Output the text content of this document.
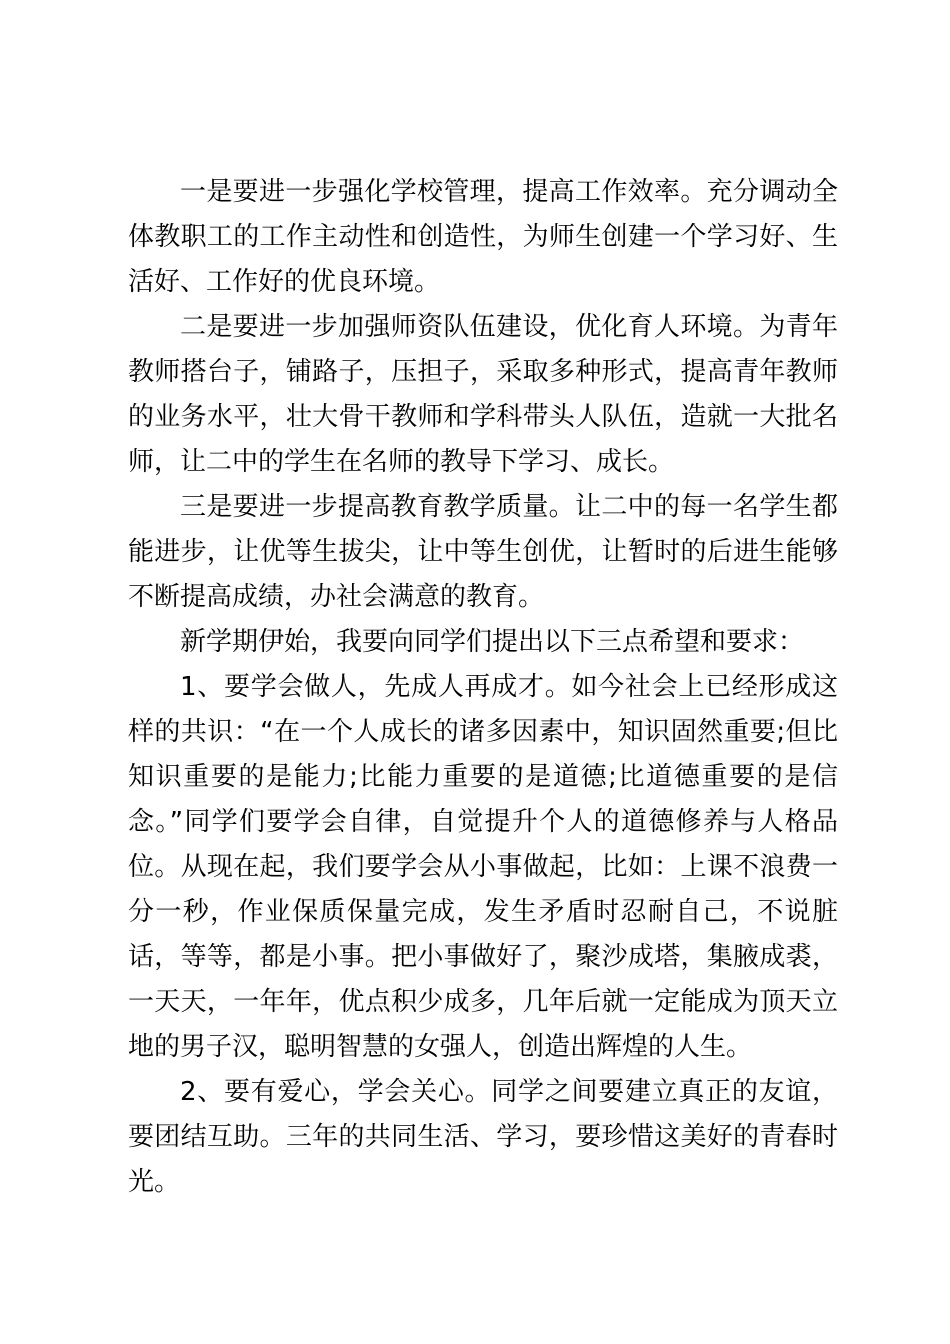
一是要进一步强化学校管理，提高工作效率。充分调动全体教职工的工作主动性和创造性，为师生创建一个学习好、生活好、工作好的优良环境。

二是要进一步加强师资队伍建设，优化育人环境。为青年教师搭台子，铺路子，压担子，采取多种形式，提高青年教师的业务水平，壮大骨干教师和学科带头人队伍，造就一大批名师，让二中的学生在名师的教导下学习、成长。

三是要进一步提高教育教学质量。让二中的每一名学生都能进步，让优等生拔尖，让中等生创优，让暂时的后进生能够不断提高成绩，办社会满意的教育。

新学期伊始，我要向同学们提出以下三点希望和要求：

1、要学会做人，先成人再成才。如今社会上已经形成这样的共识：“在一个人成长的诸多因素中，知识固然重要;但比知识重要的是能力;比能力重要的是道德;比道德重要的是信念。”同学们要学会自律，自觉提升个人的道德修养与人格品位。从现在起，我们要学会从小事做起，比如：上课不浪费一分一秒，作业保质保量完成，发生矛盾时忍耐自己，不说脏话，等等，都是小事。把小事做好了，聚沙成塔，集腋成裘，一天天，一年年，优点积少成多，几年后就一定能成为顶天立地的男子汉，聪明智慧的女强人，创造出辉煌的人生。

2、要有爱心，学会关心。同学之间要建立真正的友谊，要团结互助。三年的共同生活、学习，要珍惜这美好的青春时光。
